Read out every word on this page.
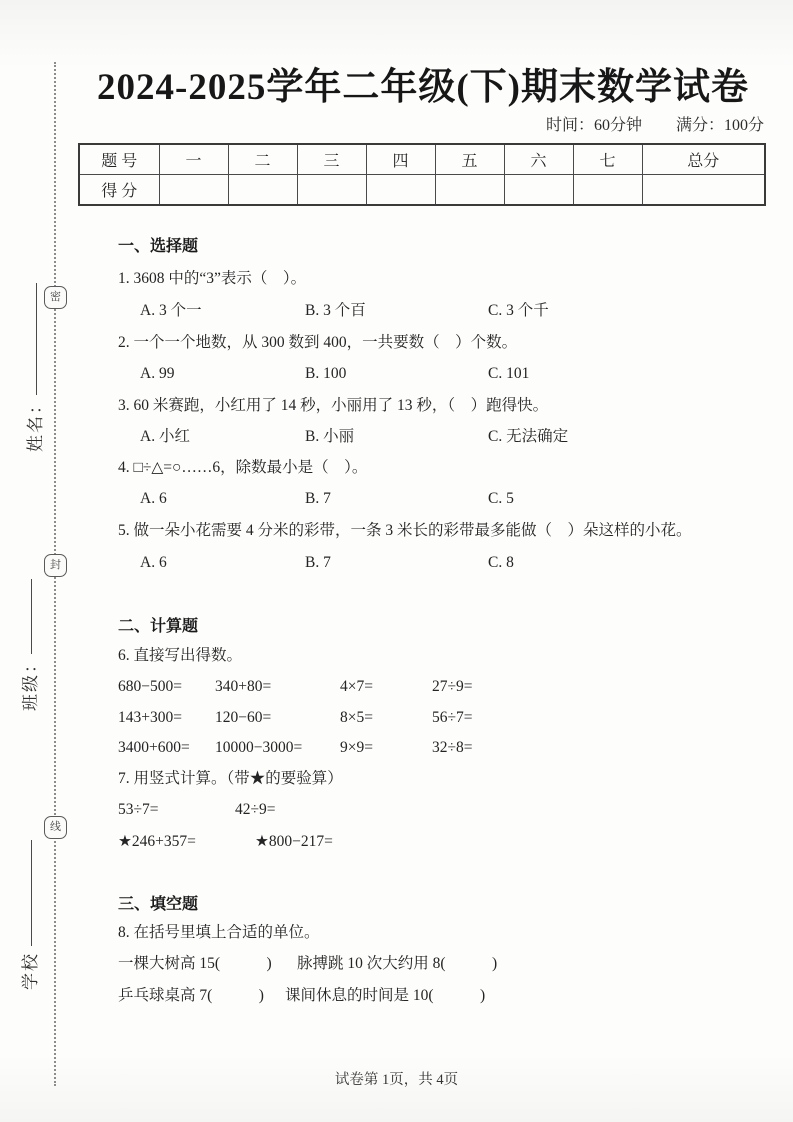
密
封
线
姓名：
班级：
学校
2024-2025学年二年级(下)期末数学试卷
时间：60分钟 满分：100分
题 号	一	二	三	四	五	六	七	总分
得 分								
一、选择题
1. 3608 中的“3”表示（    ）。
A. 3 个一	B. 3 个百	C. 3 个千
2. 一个一个地数，从 300 数到 400，一共要数（    ）个数。
A. 99	B. 100	C. 101
3. 60 米赛跑，小红用了 14 秒，小丽用了 13 秒，（    ）跑得快。
A. 小红	B. 小丽	C. 无法确定
4. □÷△=○……6，除数最小是（    ）。
A. 6	B. 7	C. 5
5. 做一朵小花需要 4 分米的彩带，一条 3 米长的彩带最多能做（    ）朵这样的小花。
A. 6	B. 7	C. 8
二、计算题
6. 直接写出得数。
680−500=	340+80=	4×7=	27÷9=
143+300=	120−60=	8×5=	56÷7=
3400+600=	10000−3000=	9×9=	32÷8=
7. 用竖式计算。（带★的要验算）
53÷7=	42÷9=
★246+357=	★800−217=
三、填空题
8. 在括号里填上合适的单位。
一棵大树高 15(            )	脉搏跳 10 次大约用 8(            )
乒乓球桌高 7(            )	课间休息的时间是 10(            )
试卷第 1页，共 4页
